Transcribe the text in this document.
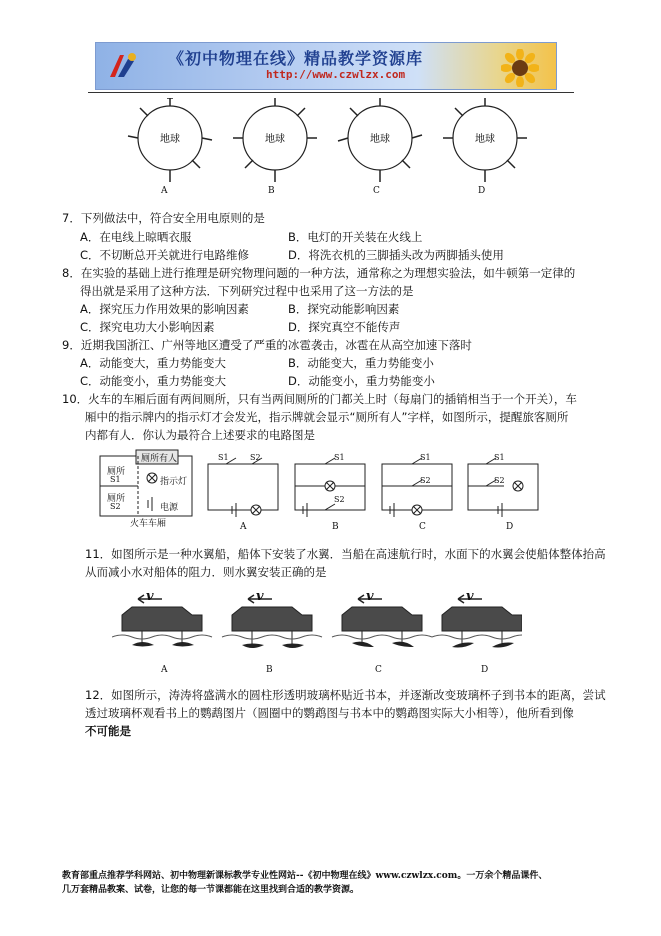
《初中物理在线》精品教学资源库
http://www.czwlzx.com
地球	地球	地球	地球
A	B	C	D
7．下列做法中，符合安全用电原则的是
A．在电线上晾晒衣服	B．电灯的开关装在火线上
C．不切断总开关就进行电路维修	D．将洗衣机的三脚插头改为两脚插头使用
8．在实验的基础上进行推理是研究物理问题的一种方法，通常称之为理想实验法，如牛顿第一定律的
得出就是采用了这种方法．下列研究过程中也采用了这一方法的是
A．探究压力作用效果的影响因素	B．探究动能影响因素
C．探究电功大小影响因素	D．探究真空不能传声
9．近期我国浙江、广州等地区遭受了严重的冰雹袭击，冰雹在从高空加速下落时
A．动能变大，重力势能变大	B．动能变大，重力势能变小
C．动能变小，重力势能变大	D．动能变小，重力势能变小
10．火车的车厢后面有两间厕所，只有当两间厕所的门都关上时（每扇门的插销相当于一个开关），车
厢中的指示牌内的指示灯才会发光，指示牌就会显示“厕所有人”字样，如图所示，提醒旅客厕所
内都有人．你认为最符合上述要求的电路图是
厕所有人
指示灯
电源
厕所
S1
厕所
S2
火车车厢
S1	S2	S1
S2
S1
S2
S1
S2
A	B	C	D
11．如图所示是一种水翼船，船体下安装了水翼．当船在高速航行时，水面下的水翼会使船体整体抬高
从而减小水对船体的阻力．则水翼安装正确的是
v	v	v	v
A	B	C	D
12．如图所示，涛涛将盛满水的圆柱形透明玻璃杯贴近书本，并逐渐改变玻璃杯子到书本的距离，尝试
透过玻璃杯观看书上的鹦鹉图片（圆圈中的鹦鹉图与书本中的鹦鹉图实际大小相等），他所看到像
不可能是
教育部重点推荐学科网站、初中物理新课标教学专业性网站--《初中物理在线》www.czwlzx.com。一万余个精品课件、
几万套精品教案、试卷，让您的每一节课都能在这里找到合适的教学资源。
